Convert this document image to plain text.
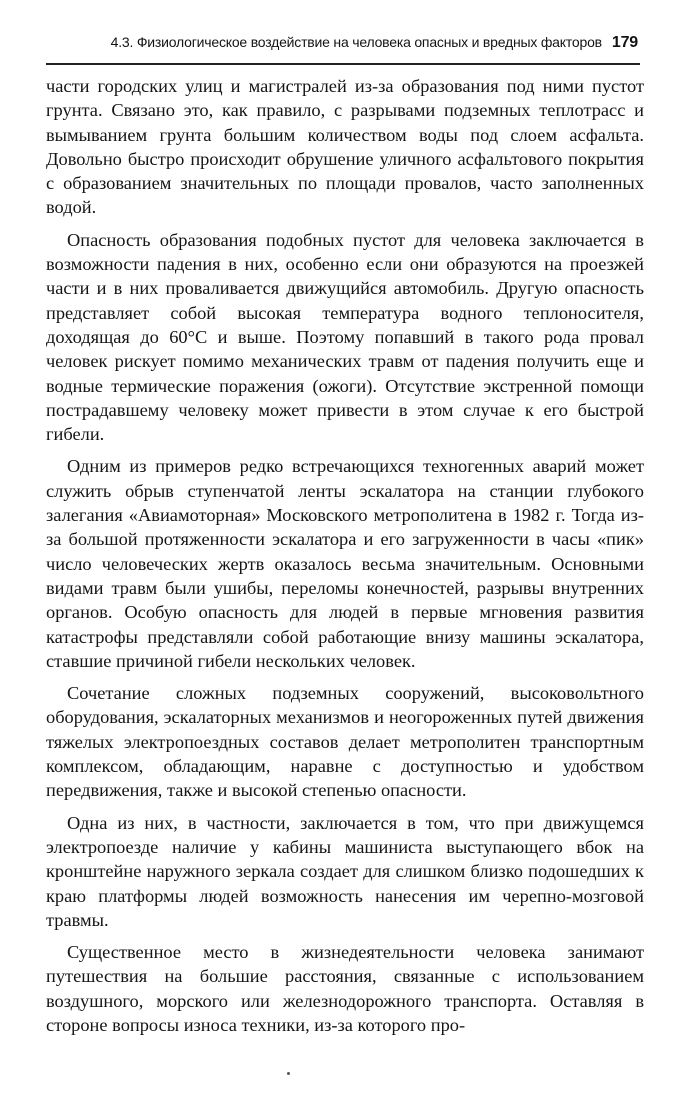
4.3. Физиологическое воздействие на человека опасных и вредных факторов 179

части городских улиц и магистралей из-за образования под ними пустот грунта. Связано это, как правило, с разрывами подземных теплотрасс и вымыванием грунта большим количеством воды под слоем асфальта. Довольно быстро происходит обрушение уличного асфальтового покрытия с образованием значительных по площади провалов, часто заполненных водой.

Опасность образования подобных пустот для человека заключается в возможности падения в них, особенно если они образуются на проезжей части и в них проваливается движущийся автомобиль. Другую опасность представляет собой высокая температура водного теплоносителя, доходящая до 60°С и выше. Поэтому попавший в такого рода провал человек рискует помимо механических травм от падения получить еще и водные термические поражения (ожоги). Отсутствие экстренной помощи пострадавшему человеку может привести в этом случае к его быстрой гибели.

Одним из примеров редко встречающихся техногенных аварий может служить обрыв ступенчатой ленты эскалатора на станции глубокого залегания «Авиамоторная» Московского метрополитена в 1982 г. Тогда из-за большой протяженности эскалатора и его загруженности в часы «пик» число человеческих жертв оказалось весьма значительным. Основными видами травм были ушибы, переломы конечностей, разрывы внутренних органов. Особую опасность для людей в первые мгновения развития катастрофы представляли собой работающие внизу машины эскалатора, ставшие причиной гибели нескольких человек.

Сочетание сложных подземных сооружений, высоковольтного оборудования, эскалаторных механизмов и неогороженных путей движения тяжелых электропоездных составов делает метрополитен транспортным комплексом, обладающим, наравне с доступностью и удобством передвижения, также и высокой степенью опасности.

Одна из них, в частности, заключается в том, что при движущемся электропоезде наличие у кабины машиниста выступающего вбок на кронштейне наружного зеркала создает для слишком близко подошедших к краю платформы людей возможность нанесения им черепно-мозговой травмы.

Существенное место в жизнедеятельности человека занимают путешествия на большие расстояния, связанные с использованием воздушного, морского или железнодорожного транспорта. Оставляя в стороне вопросы износа техники, из-за которого про-
